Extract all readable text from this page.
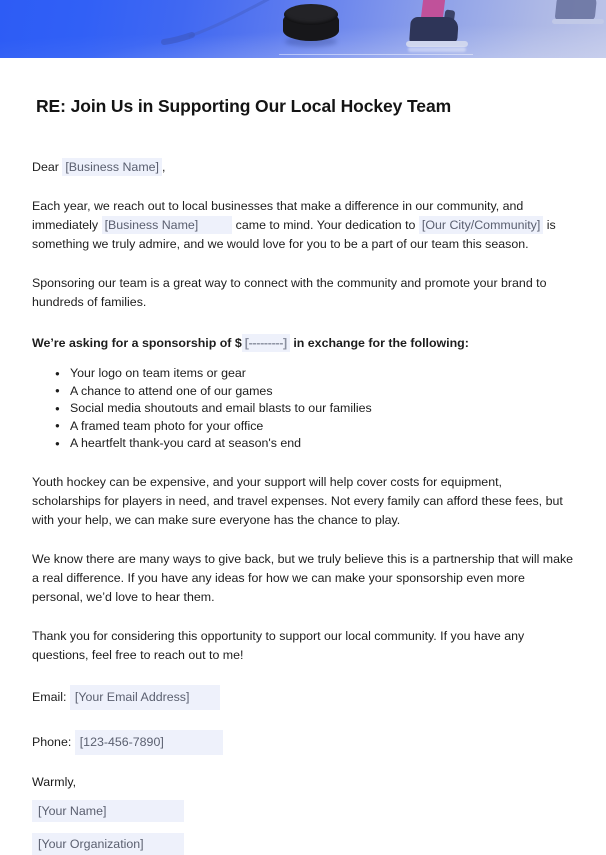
RE: Join Us in Supporting Our Local Hockey Team

Dear [Business Name] ,

Each year, we reach out to local businesses that make a difference in our community, and immediately [Business Name]	came to mind. Your dedication to [Our City/Community] is something we truly admire, and we would love for you to be a part of our team this season.

Sponsoring our team is a great way to connect with the community and promote your brand to hundreds of families.

We’re asking for a sponsorship of $ [---------] in exchange for the following:

● Your logo on team items or gear
● A chance to attend one of our games
● Social media shoutouts and email blasts to our families
● A framed team photo for your office
● A heartfelt thank-you card at season's end

Youth hockey can be expensive, and your support will help cover costs for equipment, scholarships for players in need, and travel expenses. Not every family can afford these fees, but with your help, we can make sure everyone has the chance to play.

We know there are many ways to give back, but we truly believe this is a partnership that will make a real difference. If you have any ideas for how we can make your sponsorship even more personal, we’d love to hear them.

Thank you for considering this opportunity to support our local community. If you have any questions, feel free to reach out to me!

Email: [Your Email Address]
Phone: [123-456-7890]
Warmly,
[Your Name]
[Your Organization]
